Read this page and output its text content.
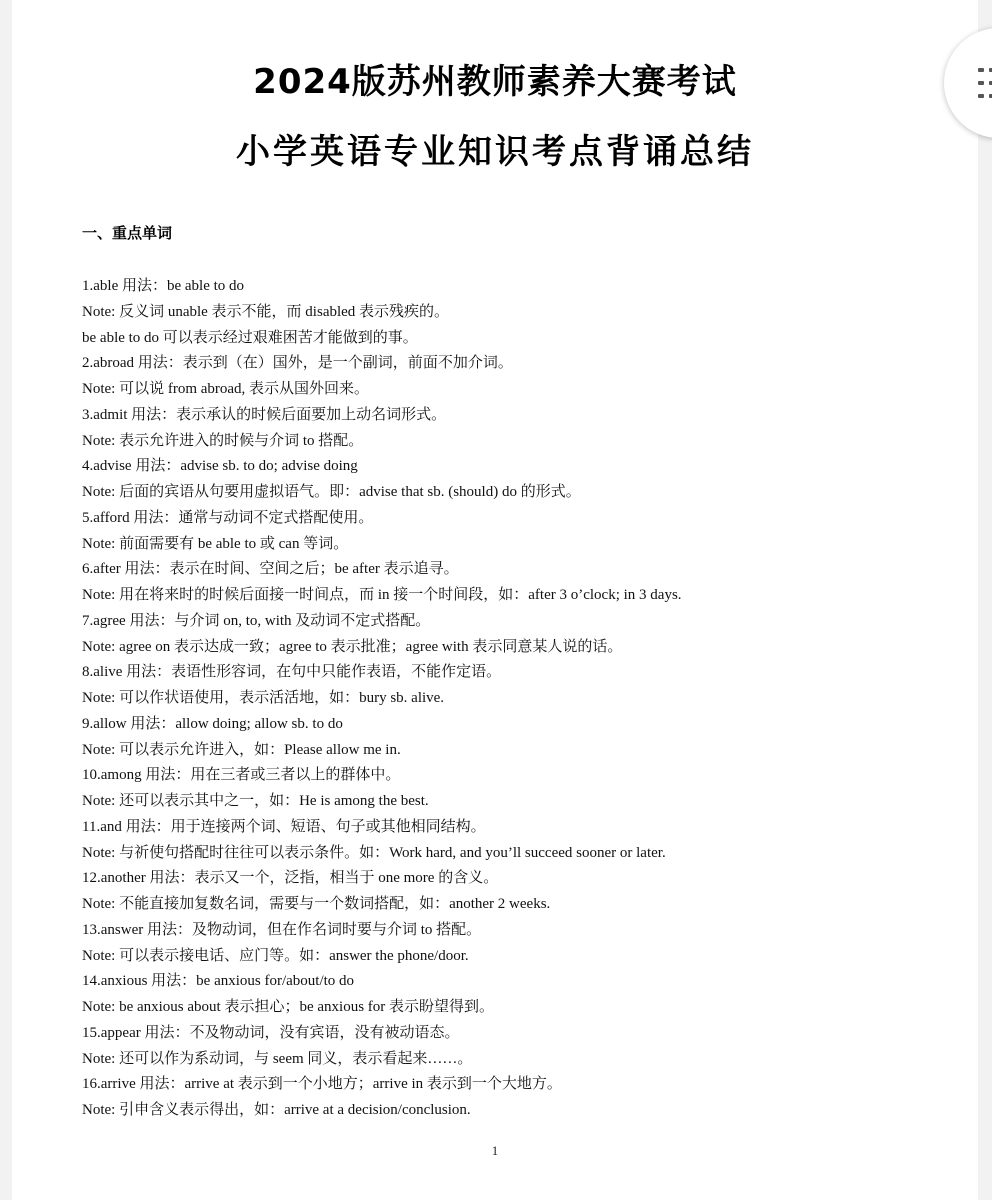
2024版苏州教师素养大赛考试
小学英语专业知识考点背诵总结
一、重点单词
1.able 用法：be able to do
Note: 反义词 unable 表示不能，而 disabled 表示残疾的。
be able to do 可以表示经过艰难困苦才能做到的事。
2.abroad 用法：表示到（在）国外，是一个副词，前面不加介词。
Note: 可以说 from abroad, 表示从国外回来。
3.admit 用法：表示承认的时候后面要加上动名词形式。
Note: 表示允许进入的时候与介词 to 搭配。
4.advise 用法：advise sb. to do; advise doing
Note: 后面的宾语从句要用虚拟语气。即：advise that sb. (should) do 的形式。
5.afford 用法：通常与动词不定式搭配使用。
Note: 前面需要有 be able to 或 can 等词。
6.after 用法：表示在时间、空间之后；be after 表示追寻。
Note: 用在将来时的时候后面接一时间点，而 in 接一个时间段，如：after 3 o’clock; in 3 days.
7.agree 用法：与介词 on, to, with 及动词不定式搭配。
Note: agree on 表示达成一致；agree to 表示批准；agree with 表示同意某人说的话。
8.alive 用法：表语性形容词，在句中只能作表语，不能作定语。
Note: 可以作状语使用，表示活活地，如：bury sb. alive.
9.allow 用法：allow doing; allow sb. to do
Note: 可以表示允许进入，如：Please allow me in.
10.among 用法：用在三者或三者以上的群体中。
Note: 还可以表示其中之一，如：He is among the best.
11.and 用法：用于连接两个词、短语、句子或其他相同结构。
Note: 与祈使句搭配时往往可以表示条件。如：Work hard, and you’ll succeed sooner or later.
12.another 用法：表示又一个，泛指，相当于 one more 的含义。
Note: 不能直接加复数名词，需要与一个数词搭配，如：another 2 weeks.
13.answer 用法：及物动词，但在作名词时要与介词 to 搭配。
Note: 可以表示接电话、应门等。如：answer the phone/door.
14.anxious 用法：be anxious for/about/to do
Note: be anxious about 表示担心；be anxious for 表示盼望得到。
15.appear 用法：不及物动词，没有宾语，没有被动语态。
Note: 还可以作为系动词，与 seem 同义，表示看起来……。
16.arrive 用法：arrive at 表示到一个小地方；arrive in 表示到一个大地方。
Note: 引申含义表示得出，如：arrive at a decision/conclusion.
1
